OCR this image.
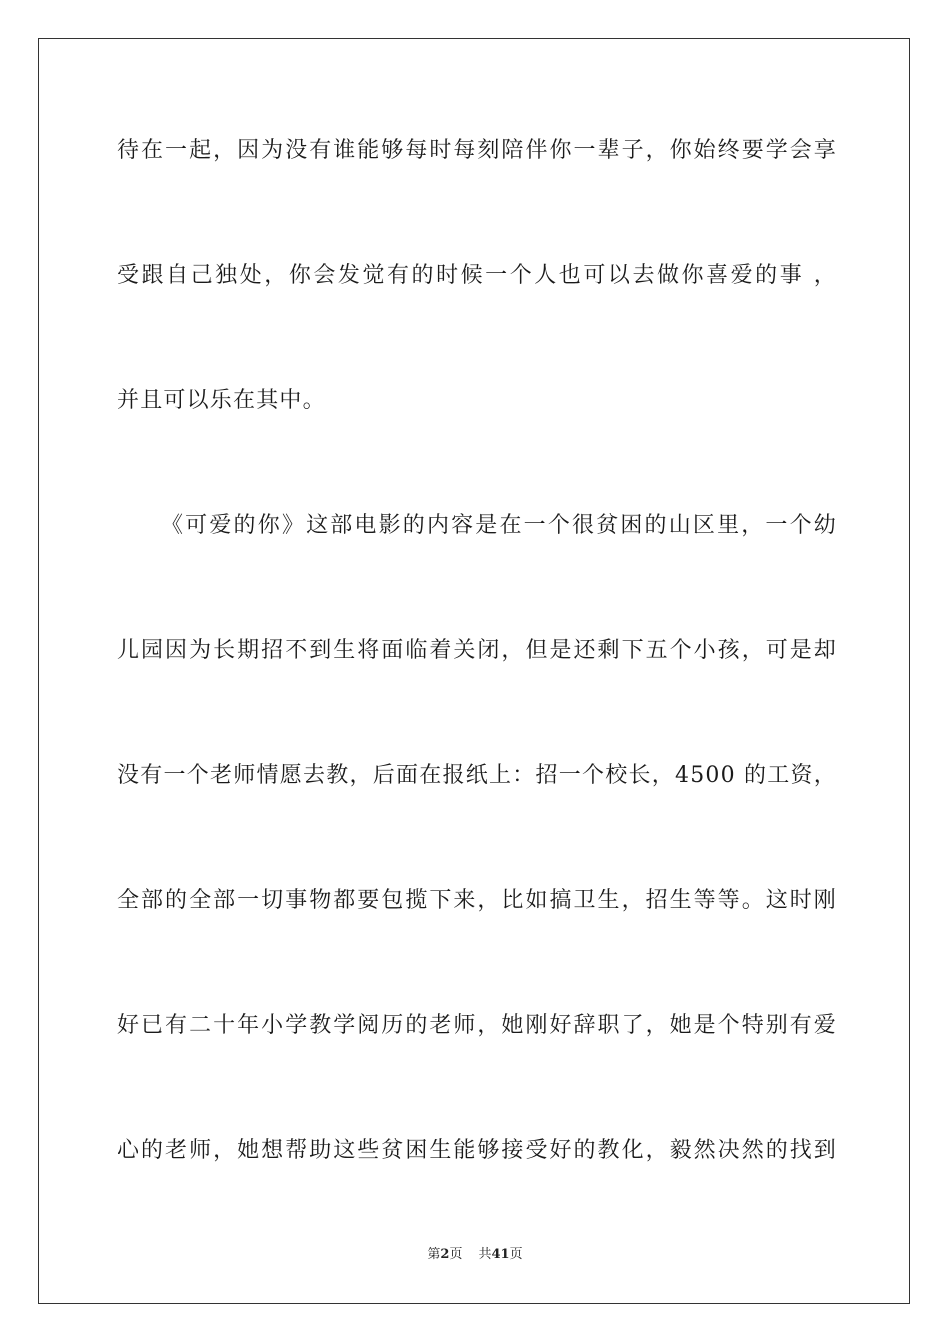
待在一起，因为没有谁能够每时每刻陪伴你一辈子，你始终要学会享
受跟自己独处，你会发觉有的时候一个人也可以去做你喜爱的事 ，
并且可以乐在其中。
《可爱的你》这部电影的内容是在一个很贫困的山区里，一个幼
儿园因为长期招不到生将面临着关闭，但是还剩下五个小孩，可是却
没有一个老师情愿去教，后面在报纸上：招一个校长，4500 的工资，
全部的全部一切事物都要包揽下来，比如搞卫生，招生等等。这时刚
好已有二十年小学教学阅历的老师，她刚好辞职了，她是个特别有爱
心的老师，她想帮助这些贫困生能够接受好的教化，毅然决然的找到
第2页 共41页
